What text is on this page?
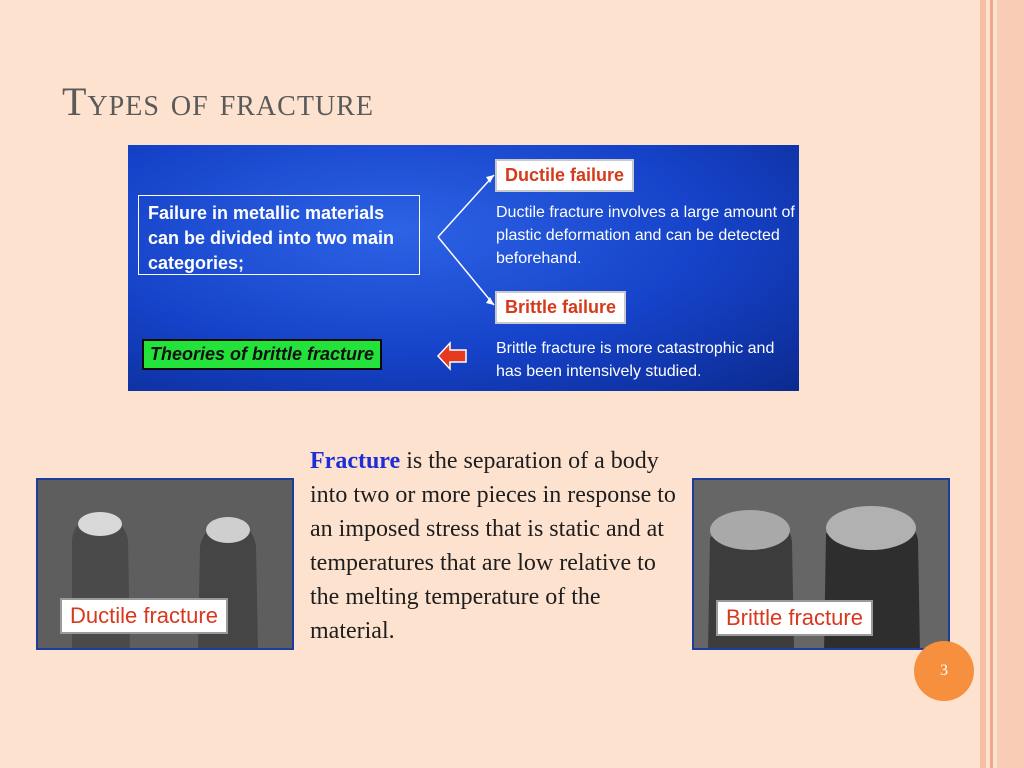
Types of fracture
Failure in metallic materials can be divided into two main categories;
Ductile failure
Ductile fracture involves a large amount of plastic deformation and can be detected beforehand.
Brittle failure
Brittle fracture is more catastrophic and has been intensively studied.
Theories of brittle fracture
Ductile fracture	Brittle fracture
Fracture is the separation of a body into two or more pieces in response to an imposed stress that is static and at temperatures that are low relative to the melting temperature of the material.
3
